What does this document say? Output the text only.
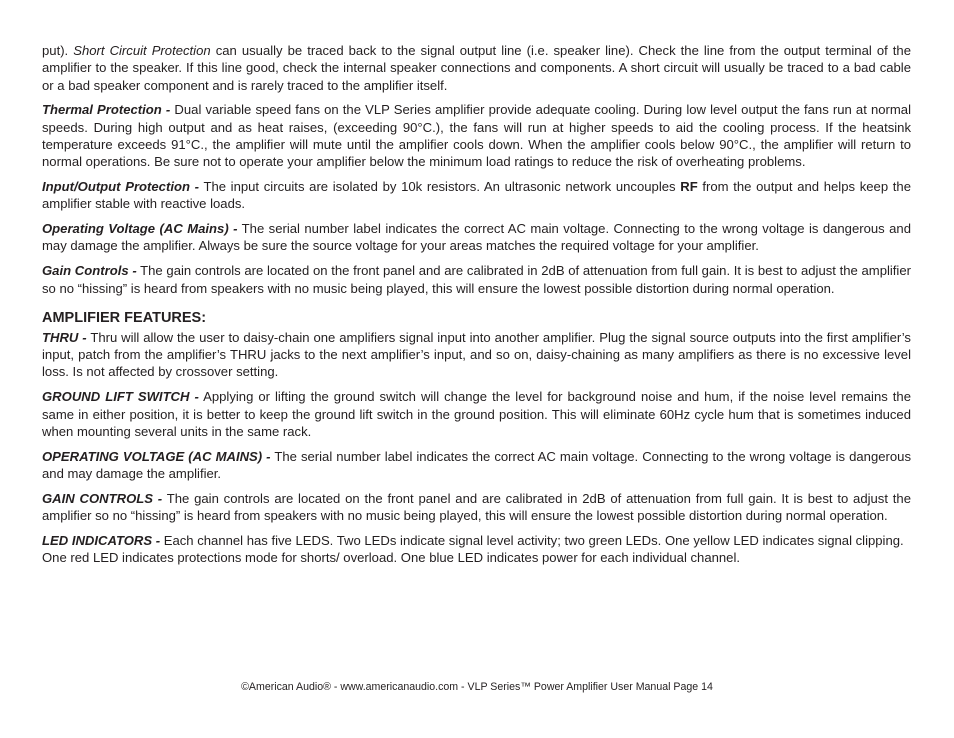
put). Short Circuit Protection can usually be traced back to the signal output line (i.e. speaker line). Check the line from the output terminal of the amplifier to the speaker. If this line good, check the internal speaker connections and components. A short circuit will usually be traced to a bad cable or a bad speaker component and is rarely traced to the amplifier itself.

Thermal Protection - Dual variable speed fans on the VLP Series amplifier provide adequate cooling. During low level output the fans run at normal speeds. During high output and as heat raises, (exceeding 90°C.), the fans will run at higher speeds to aid the cooling process. If the heatsink temperature exceeds 91°C., the amplifier will mute until the amplifier cools down. When the amplifier cools below 90°C., the amplifier will return to normal operations. Be sure not to operate your amplifier below the minimum load ratings to reduce the risk of overheating problems.

Input/Output Protection - The input circuits are isolated by 10k resistors. An ultrasonic network uncouples RF from the output and helps keep the amplifier stable with reactive loads.

Operating Voltage (AC Mains) - The serial number label indicates the correct AC main voltage. Connecting to the wrong voltage is dangerous and may damage the amplifier. Always be sure the source voltage for your areas matches the required voltage for your amplifier.

Gain Controls - The gain controls are located on the front panel and are calibrated in 2dB of attenuation from full gain. It is best to adjust the amplifier so no “hissing” is heard from speakers with no music being played, this will ensure the lowest possible distortion during normal operation.

AMPLIFIER FEATURES:

THRU - Thru will allow the user to daisy-chain one amplifiers signal input into another amplifier. Plug the signal source outputs into the first amplifier’s input, patch from the amplifier’s THRU jacks to the next amplifier’s input, and so on, daisy-chaining as many amplifiers as there is no excessive level loss. Is not affected by crossover setting.

GROUND LIFT SWITCH - Applying or lifting the ground switch will change the level for background noise and hum, if the noise level remains the same in either position, it is better to keep the ground lift switch in the ground position. This will eliminate 60Hz cycle hum that is sometimes induced when mounting several units in the same rack.

OPERATING VOLTAGE (AC MAINS) - The serial number label indicates the correct AC main voltage. Connecting to the wrong voltage is dangerous and may damage the amplifier.

GAIN CONTROLS - The gain controls are located on the front panel and are calibrated in 2dB of attenuation from full gain. It is best to adjust the amplifier so no “hissing” is heard from speakers with no music being played, this will ensure the lowest possible distortion during normal operation.

LED INDICATORS - Each channel has five LEDS. Two LEDs indicate signal level activity; two green LEDs. One yellow LED indicates signal clipping. One red LED indicates protections mode for shorts/ overload. One blue LED indicates power for each individual channel.

©American Audio® - www.americanaudio.com - VLP Series™ Power Amplifier User Manual Page 14
